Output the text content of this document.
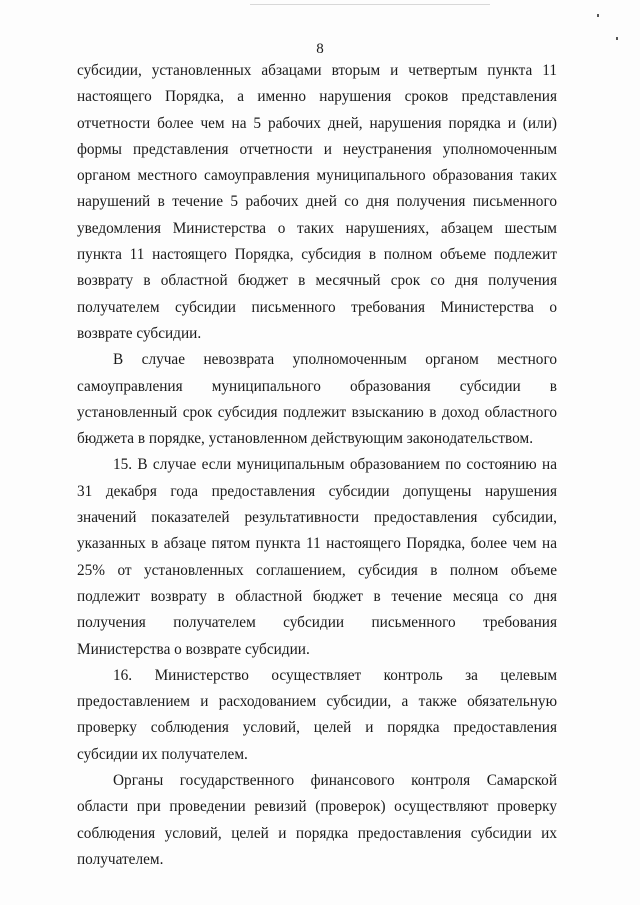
8

субсидии, установленных абзацами вторым и четвертым пункта 11 настоящего Порядка, а именно нарушения сроков представления отчетности более чем на 5 рабочих дней, нарушения порядка и (или) формы представления отчетности и неустранения уполномоченным органом местного самоуправления муниципального образования таких нарушений в течение 5 рабочих дней со дня получения письменного уведомления Министерства о таких нарушениях, абзацем шестым пункта 11 настоящего Порядка, субсидия в полном объеме подлежит возврату в областной бюджет в месячный срок со дня получения получателем субсидии письменного требования Министерства о возврате субсидии.

В случае невозврата уполномоченным органом местного самоуправления муниципального образования субсидии в установленный срок субсидия подлежит взысканию в доход областного бюджета в порядке, установленном действующим законодательством.

15. В случае если муниципальным образованием по состоянию на 31 декабря года предоставления субсидии допущены нарушения значений показателей результативности предоставления субсидии, указанных в абзаце пятом пункта 11 настоящего Порядка, более чем на 25% от установленных соглашением, субсидия в полном объеме подлежит возврату в областной бюджет в течение месяца со дня получения получателем субсидии письменного требования Министерства о возврате субсидии.

16. Министерство осуществляет контроль за целевым предоставлением и расходованием субсидии, а также обязательную проверку соблюдения условий, целей и порядка предоставления субсидии их получателем.

Органы государственного финансового контроля Самарской области при проведении ревизий (проверок) осуществляют проверку соблюдения условий, целей и порядка предоставления субсидии их получателем.
